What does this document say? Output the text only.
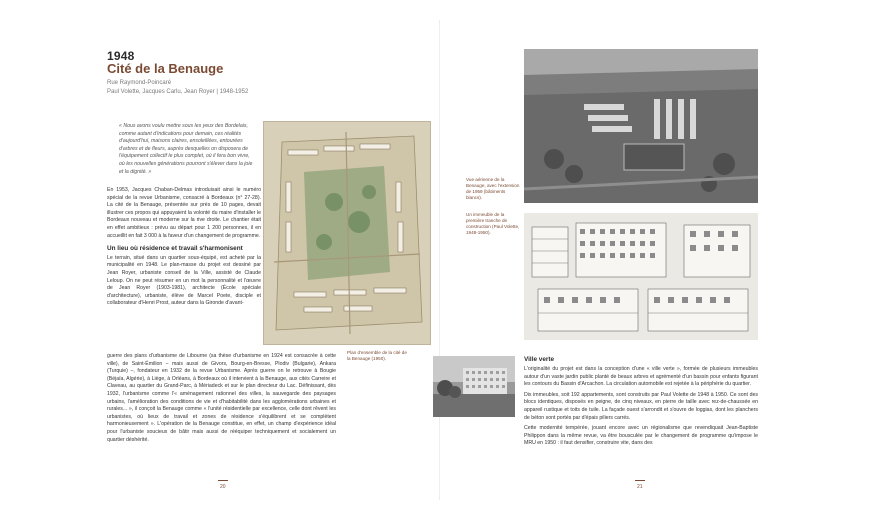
1948
Cité de la Benauge
Rue Raymond-Poincaré
Paul Volette, Jacques Carlu, Jean Royer | 1948-1952
« Nous avons voulu mettre sous les yeux des Bordelais, comme autant d'indications pour demain, ces réalités d'aujourd'hui, maisons claires, ensoleillées, entourées d'arbres et de fleurs, auprès desquelles on disposera de l'équipement collectif le plus complet, où il fera bon vivre, où les nouvelles générations pourront s'élever dans la joie et la dignité. »

En 1953, Jacques Chaban-Delmas introduisait ainsi le numéro spécial de la revue Urbanisme, consacré à Bordeaux (n° 27-28). La cité de la Benauge, présentée sur près de 10 pages, devait illustrer ces propos qui appuyaient la volonté du maire d'installer le Bordeaux nouveau et moderne sur la rive droite. Le chantier était en effet ambitieux : prévu au départ pour 1 200 personnes, il en accueillit en fait 3 000 à la faveur d'un changement de programme.

Un lieu où résidence et travail s'harmonisent

Le terrain, situé dans un quartier sous-équipé, est acheté par la municipalité en 1948. Le plan-masse du projet est dessiné par Jean Royer, urbaniste conseil de la Ville, assisté de Claude Leloup. On ne peut résumer en un mot la personnalité et l'œuvre de Jean Royer (1903-1981), architecte (École spéciale d'architecture), urbaniste, élève de Marcel Poete, disciple et collaborateur d'Henri Prost, auteur dans la Gironde d'avant-

guerre des plans d'urbanisme de Libourne (sa thèse d'urbanisme en 1924 est consacrée à cette ville), de Saint-Émilion – mais aussi de Givors, Bourg-en-Bresse, Plodiv (Bulgarie), Ankara (Turquie) –, fondateur en 1932 de la revue Urbanisme. Après guerre on le retrouve à Bougie (Béjaïa, Algérie), à Liège, à Orléans, à Bordeaux où il intervient à la Benauge, aux cités Carreire et Claveau, au quartier du Grand-Parc, à Mériadeck et sur le plan directeur du Lac. Définissant, dès 1932, l'urbanisme comme l'« aménagement rationnel des villes, la sauvegarde des paysages urbains, l'amélioration des conditions de vie et d'habitabilité dans les agglomérations urbaines et rurales... », il conçoit la Benauge comme « l'unité résidentielle par excellence, celle dont rêvent les urbanistes, où lieux de travail et zones de résidence s'équilibrent et se complètent harmonieusement ». L'opération de la Benauge constitue, en effet, un champ d'expérience idéal pour l'urbaniste soucieux de bâtir mais aussi de rééquiper techniquement et socialement un quartier déshérité.
Plan d'ensemble de la cité de la Benauge (1950).
20
Vue aérienne de la Benauge, avec l'extension de 1959 (bâtiments blancs).
Un immeuble de la première tranche de construction (Paul Volette, 1948-1950).
Ville verte

L'originalité du projet est dans la conception d'une « ville verte », formée de plusieurs immeubles autour d'un vaste jardin public planté de beaux arbres et agrémenté d'un bassin pour enfants figurant les contours du Bassin d'Arcachon. La circulation automobile est rejetée à la périphérie du quartier.

Dix immeubles, soit 192 appartements, sont construits par Paul Volette de 1948 à 1950. Ce sont des blocs identiques, disposés en peigne, de cinq niveaux, en pierre de taille avec rez-de-chaussée en appareil rustique et toits de tuile. La façade ouest s'arrondit et s'ouvre de loggias, dont les planchers de béton sont portés par d'épais piliers carrés.

Cette modernité tempérée, jouant encore avec un régionalisme que revendiquait Jean-Baptiste Philippon dans la même revue, va être bousculée par le changement de programme qu'impose le MRU en 1950 : il faut densifier, construire vite, dans des

21
